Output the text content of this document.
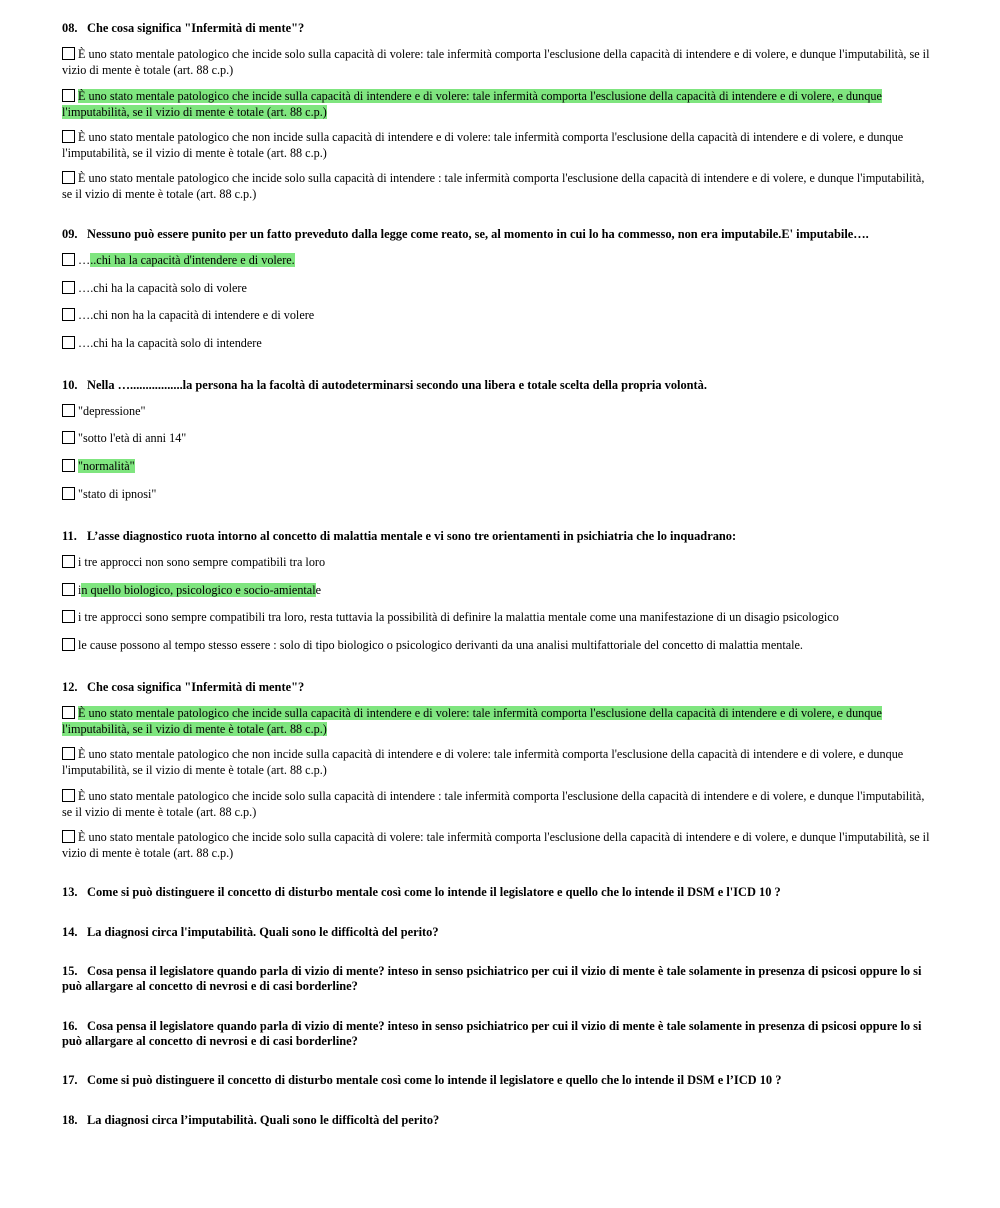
08. Che cosa significa "Infermità di mente"?

È uno stato mentale patologico che incide solo sulla capacità di volere: tale infermità comporta l'esclusione della capacità di intendere e di volere, e dunque l'imputabilità, se il vizio di mente è totale (art. 88 c.p.)
È uno stato mentale patologico che incide sulla capacità di intendere e di volere: tale infermità comporta l'esclusione della capacità di intendere e di volere, e dunque l'imputabilità, se il vizio di mente è totale (art. 88 c.p.)
È uno stato mentale patologico che non incide sulla capacità di intendere e di volere: tale infermità comporta l'esclusione della capacità di intendere e di volere, e dunque l'imputabilità, se il vizio di mente è totale (art. 88 c.p.)
È uno stato mentale patologico che incide solo sulla capacità di intendere : tale infermità comporta l'esclusione della capacità di intendere e di volere, e dunque l'imputabilità, se il vizio di mente è totale (art. 88 c.p.)

09. Nessuno può essere punito per un fatto preveduto dalla legge come reato, se, al momento in cui lo ha commesso, non era imputabile.E' imputabile….

…..chi ha la capacità d'intendere e di volere.
….chi ha la capacità solo di volere
….chi non ha la capacità di intendere e di volere
….chi ha la capacità solo di intendere

10. Nella ….................la persona ha la facoltà di autodeterminarsi secondo una libera e totale scelta della propria volontà.

"depressione"
"sotto l'età di anni 14"
"normalità"
"stato di ipnosi"

11. L’asse diagnostico ruota intorno al concetto di malattia mentale e vi sono tre orientamenti in psichiatria che lo inquadrano:

i tre approcci non sono sempre compatibili tra loro
in quello biologico, psicologico e socio-amientale
i tre approcci sono sempre compatibili tra loro, resta tuttavia la possibilità di definire la malattia mentale come una manifestazione di un disagio psicologico
le cause possono al tempo stesso essere : solo di tipo biologico o psicologico derivanti da una analisi multifattoriale del concetto di malattia mentale.

12. Che cosa significa "Infermità di mente"?

È uno stato mentale patologico che incide sulla capacità di intendere e di volere: tale infermità comporta l'esclusione della capacità di intendere e di volere, e dunque l'imputabilità, se il vizio di mente è totale (art. 88 c.p.)
È uno stato mentale patologico che non incide sulla capacità di intendere e di volere: tale infermità comporta l'esclusione della capacità di intendere e di volere, e dunque l'imputabilità, se il vizio di mente è totale (art. 88 c.p.)
È uno stato mentale patologico che incide solo sulla capacità di intendere : tale infermità comporta l'esclusione della capacità di intendere e di volere, e dunque l'imputabilità, se il vizio di mente è totale (art. 88 c.p.)
È uno stato mentale patologico che incide solo sulla capacità di volere: tale infermità comporta l'esclusione della capacità di intendere e di volere, e dunque l'imputabilità, se il vizio di mente è totale (art. 88 c.p.)

13. Come si può distinguere il concetto di disturbo mentale così come lo intende il legislatore e quello che lo intende il DSM e l'ICD 10 ?

14. La diagnosi circa l'imputabilità. Quali sono le difficoltà del perito?

15. Cosa pensa il legislatore quando parla di vizio di mente? inteso in senso psichiatrico per cui il vizio di mente è tale solamente in presenza di psicosi oppure lo si può allargare al concetto di nevrosi e di casi borderline?

16. Cosa pensa il legislatore quando parla di vizio di mente? inteso in senso psichiatrico per cui il vizio di mente è tale solamente in presenza di psicosi oppure lo si può allargare al concetto di nevrosi e di casi borderline?

17. Come si può distinguere il concetto di disturbo mentale così come lo intende il legislatore e quello che lo intende il DSM e l’ICD 10 ?

18. La diagnosi circa l’imputabilità. Quali sono le difficoltà del perito?
